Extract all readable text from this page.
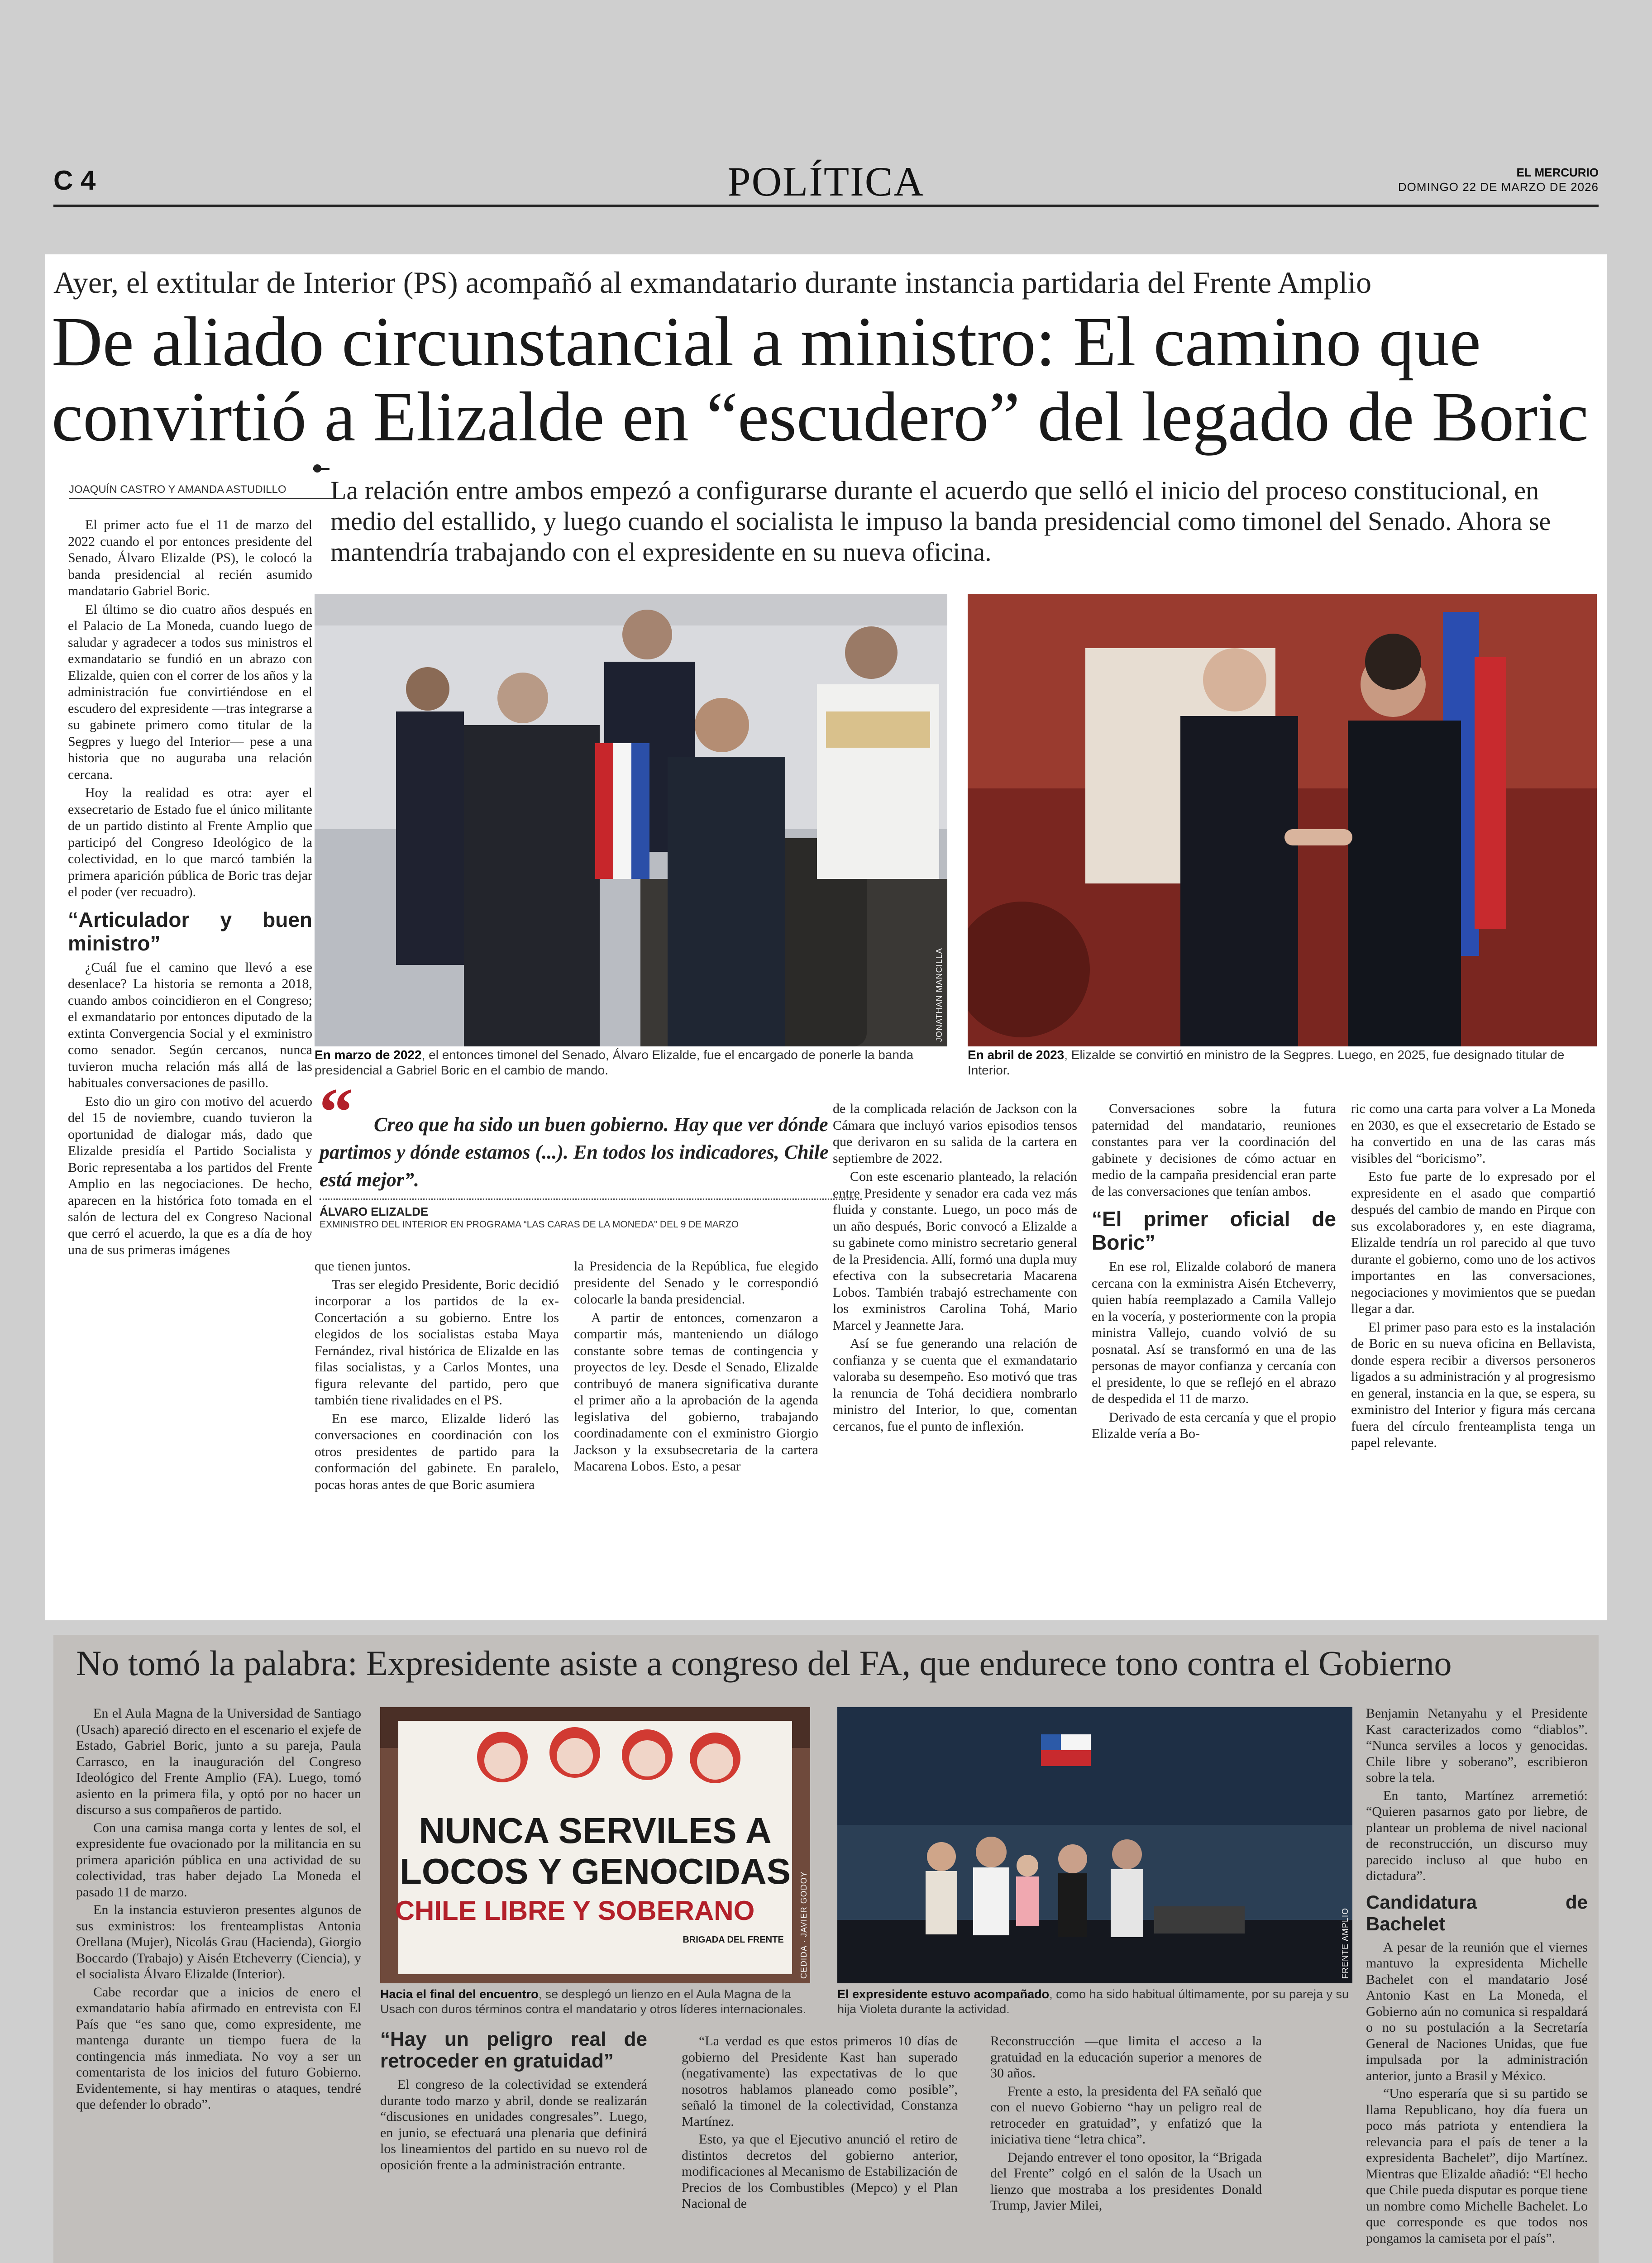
C 4	POLÍTICA	EL MERCURIO
DOMINGO 22 DE MARZO DE 2026
Ayer, el extitular de Interior (PS) acompañó al exmandatario durante instancia partidaria del Frente Amplio
De aliado circunstancial a ministro: El camino que convirtió a Elizalde en “escudero” del legado de Boric
JOAQUÍN CASTRO Y AMANDA ASTUDILLO	La relación entre ambos empezó a configurarse durante el acuerdo que selló el inicio del proceso constitucional, en medio del estallido, y luego cuando el socialista le impuso la banda presidencial como timonel del Senado. Ahora se mantendría trabajando con el expresidente en su nueva oficina.

El primer acto fue el 11 de marzo del 2022 cuando el por entonces presidente del Senado, Álvaro Elizalde (PS), le colocó la banda presidencial al recién asumido mandatario Gabriel Boric.

El último se dio cuatro años después en el Palacio de La Moneda, cuando luego de saludar y agradecer a todos sus ministros el exmandatario se fundió en un abrazo con Elizalde, quien con el correr de los años y la administración fue convirtiéndose en el escudero del expresidente —tras integrarse a su gabinete primero como titular de la Segpres y luego del Interior— pese a una historia que no auguraba una relación cercana.

Hoy la realidad es otra: ayer el exsecretario de Estado fue el único militante de un partido distinto al Frente Amplio que participó del Congreso Ideológico de la colectividad, en lo que marcó también la primera aparición pública de Boric tras dejar el poder (ver recuadro).

“Articulador y buen ministro”

¿Cuál fue el camino que llevó a ese desenlace? La historia se remonta a 2018, cuando ambos coincidieron en el Congreso; el exmandatario por entonces diputado de la extinta Convergencia Social y el exministro como senador. Según cercanos, nunca tuvieron mucha relación más allá de las habituales conversaciones de pasillo.

Esto dio un giro con motivo del acuerdo del 15 de noviembre, cuando tuvieron la oportunidad de dialogar más, dado que Elizalde presidía el Partido Socialista y Boric representaba a los partidos del Frente Amplio en las negociaciones. De hecho, aparecen en la histórica foto tomada en el salón de lectura del ex Congreso Nacional que cerró el acuerdo, la que es a día de hoy una de sus primeras imágenes

JONATHAN MANCILLA
En marzo de 2022, el entonces timonel del Senado, Álvaro Elizalde, fue el encargado de ponerle la banda presidencial a Gabriel Boric en el cambio de mando.
En abril de 2023, Elizalde se convirtió en ministro de la Segpres. Luego, en 2025, fue designado titular de Interior.
“	Creo que ha sido un buen gobierno. Hay que ver dónde partimos y dónde estamos (...). En todos los indicadores, Chile está mejor”.
ÁLVARO ELIZALDE
EXMINISTRO DEL INTERIOR EN PROGRAMA “LAS CARAS DE LA MONEDA” DEL 9 DE MARZO

que tienen juntos.

Tras ser elegido Presidente, Boric decidió incorporar a los partidos de la ex-Concertación a su gobierno. Entre los elegidos de los socialistas estaba Maya Fernández, rival histórica de Elizalde en las filas socialistas, y a Carlos Montes, una figura relevante del partido, pero que también tiene rivalidades en el PS.

En ese marco, Elizalde lideró las conversaciones en coordinación con los otros presidentes de partido para la conformación del gabinete. En paralelo, pocas horas antes de que Boric asumiera

la Presidencia de la República, fue elegido presidente del Senado y le correspondió colocarle la banda presidencial.

A partir de entonces, comenzaron a compartir más, manteniendo un diálogo constante sobre temas de contingencia y proyectos de ley. Desde el Senado, Elizalde contribuyó de manera significativa durante el primer año a la aprobación de la agenda legislativa del gobierno, trabajando coordinadamente con el exministro Giorgio Jackson y la exsubsecretaria de la cartera Macarena Lobos. Esto, a pesar

de la complicada relación de Jackson con la Cámara que incluyó varios episodios tensos que derivaron en su salida de la cartera en septiembre de 2022.

Con este escenario planteado, la relación entre Presidente y senador era cada vez más fluida y constante. Luego, un poco más de un año después, Boric convocó a Elizalde a su gabinete como ministro secretario general de la Presidencia. Allí, formó una dupla muy efectiva con la subsecretaria Macarena Lobos. También trabajó estrechamente con los exministros Carolina Tohá, Mario Marcel y Jeannette Jara.

Así se fue generando una relación de confianza y se cuenta que el exmandatario valoraba su desempeño. Eso motivó que tras la renuncia de Tohá decidiera nombrarlo ministro del Interior, lo que, comentan cercanos, fue el punto de inflexión.

Conversaciones sobre la futura paternidad del mandatario, reuniones constantes para ver la coordinación del gabinete y decisiones de cómo actuar en medio de la campaña presidencial eran parte de las conversaciones que tenían ambos.

“El primer oficial de Boric”

En ese rol, Elizalde colaboró de manera cercana con la exministra Aisén Etcheverry, quien había reemplazado a Camila Vallejo en la vocería, y posteriormente con la propia ministra Vallejo, cuando volvió de su posnatal. Así se transformó en una de las personas de mayor confianza y cercanía con el presidente, lo que se reflejó en el abrazo de despedida el 11 de marzo.

Derivado de esta cercanía y que el propio Elizalde vería a Bo-

ric como una carta para volver a La Moneda en 2030, es que el exsecretario de Estado se ha convertido en una de las caras más visibles del “boricismo”.

Esto fue parte de lo expresado por el expresidente en el asado que compartió después del cambio de mando en Pirque con sus excolaboradores y, en este diagrama, Elizalde tendría un rol parecido al que tuvo durante el gobierno, como uno de los activos importantes en las conversaciones, negociaciones y movimientos que se puedan llegar a dar.

El primer paso para esto es la instalación de Boric en su nueva oficina en Bellavista, donde espera recibir a diversos personeros ligados a su administración y al progresismo en general, instancia en la que, se espera, su exministro del Interior y figura más cercana fuera del círculo frenteamplista tenga un papel relevante.

No tomó la palabra: Expresidente asiste a congreso del FA, que endurece tono contra el Gobierno

En el Aula Magna de la Universidad de Santiago (Usach) apareció directo en el escenario el exjefe de Estado, Gabriel Boric, junto a su pareja, Paula Carrasco, en la inauguración del Congreso Ideológico del Frente Amplio (FA). Luego, tomó asiento en la primera fila, y optó por no hacer un discurso a sus compañeros de partido.

Con una camisa manga corta y lentes de sol, el expresidente fue ovacionado por la militancia en su primera aparición pública en una actividad de su colectividad, tras haber dejado La Moneda el pasado 11 de marzo.

En la instancia estuvieron presentes algunos de sus exministros: los frenteamplistas Antonia Orellana (Mujer), Nicolás Grau (Hacienda), Giorgio Boccardo (Trabajo) y Aisén Etcheverry (Ciencia), y el socialista Álvaro Elizalde (Interior).

Cabe recordar que a inicios de enero el exmandatario había afirmado en entrevista con El País que “es sano que, como expresidente, me mantenga durante un tiempo fuera de la contingencia más inmediata. No voy a ser un comentarista de los inicios del futuro Gobierno. Evidentemente, si hay mentiras o ataques, tendré que defender lo obrado”.

NUNCA SERVILES A
LOCOS Y GENOCIDAS
CHILE LIBRE Y SOBERANO
BRIGADA DEL FRENTE CEDIDA · JAVIER GODOY	FRENTE AMPLIO
Hacia el final del encuentro, se desplegó un lienzo en el Aula Magna de la Usach con duros términos contra el mandatario y otros líderes internacionales.
El expresidente estuvo acompañado, como ha sido habitual últimamente, por su pareja y su hija Violeta durante la actividad.
“Hay un peligro real de retroceder en gratuidad”

El congreso de la colectividad se extenderá durante todo marzo y abril, donde se realizarán “discusiones en unidades congresales”. Luego, en junio, se efectuará una plenaria que definirá los lineamientos del partido en su nuevo rol de oposición frente a la administración entrante.

“La verdad es que estos primeros 10 días de gobierno del Presidente Kast han superado (negativamente) las expectativas de lo que nosotros hablamos planeado como posible”, señaló la timonel de la colectividad, Constanza Martínez.

Esto, ya que el Ejecutivo anunció el retiro de distintos decretos del gobierno anterior, modificaciones al Mecanismo de Estabilización de Precios de los Combustibles (Mepco) y el Plan Nacional de

Reconstrucción —que limita el acceso a la gratuidad en la educación superior a menores de 30 años.

Frente a esto, la presidenta del FA señaló que con el nuevo Gobierno “hay un peligro real de retroceder en gratuidad”, y enfatizó que la iniciativa tiene “letra chica”.

Dejando entrever el tono opositor, la “Brigada del Frente” colgó en el salón de la Usach un lienzo que mostraba a los presidentes Donald Trump, Javier Milei,

Benjamin Netanyahu y el Presidente Kast caracterizados como “diablos”. “Nunca serviles a locos y genocidas. Chile libre y soberano”, escribieron sobre la tela.

En tanto, Martínez arremetió: “Quieren pasarnos gato por liebre, de plantear un problema de nivel nacional de reconstrucción, un discurso muy parecido incluso al que hubo en dictadura”.

Candidatura de Bachelet

A pesar de la reunión que el viernes mantuvo la expresidenta Michelle Bachelet con el mandatario José Antonio Kast en La Moneda, el Gobierno aún no comunica si respaldará o no su postulación a la Secretaría General de Naciones Unidas, que fue impulsada por la administración anterior, junto a Brasil y México.

“Uno esperaría que si su partido se llama Republicano, hoy día fuera un poco más patriota y entendiera la relevancia para el país de tener a la expresidenta Bachelet”, dijo Martínez. Mientras que Elizalde añadió: “El hecho que Chile pueda disputar es porque tiene un nombre como Michelle Bachelet. Lo que corresponde es que todos nos pongamos la camiseta por el país”.
